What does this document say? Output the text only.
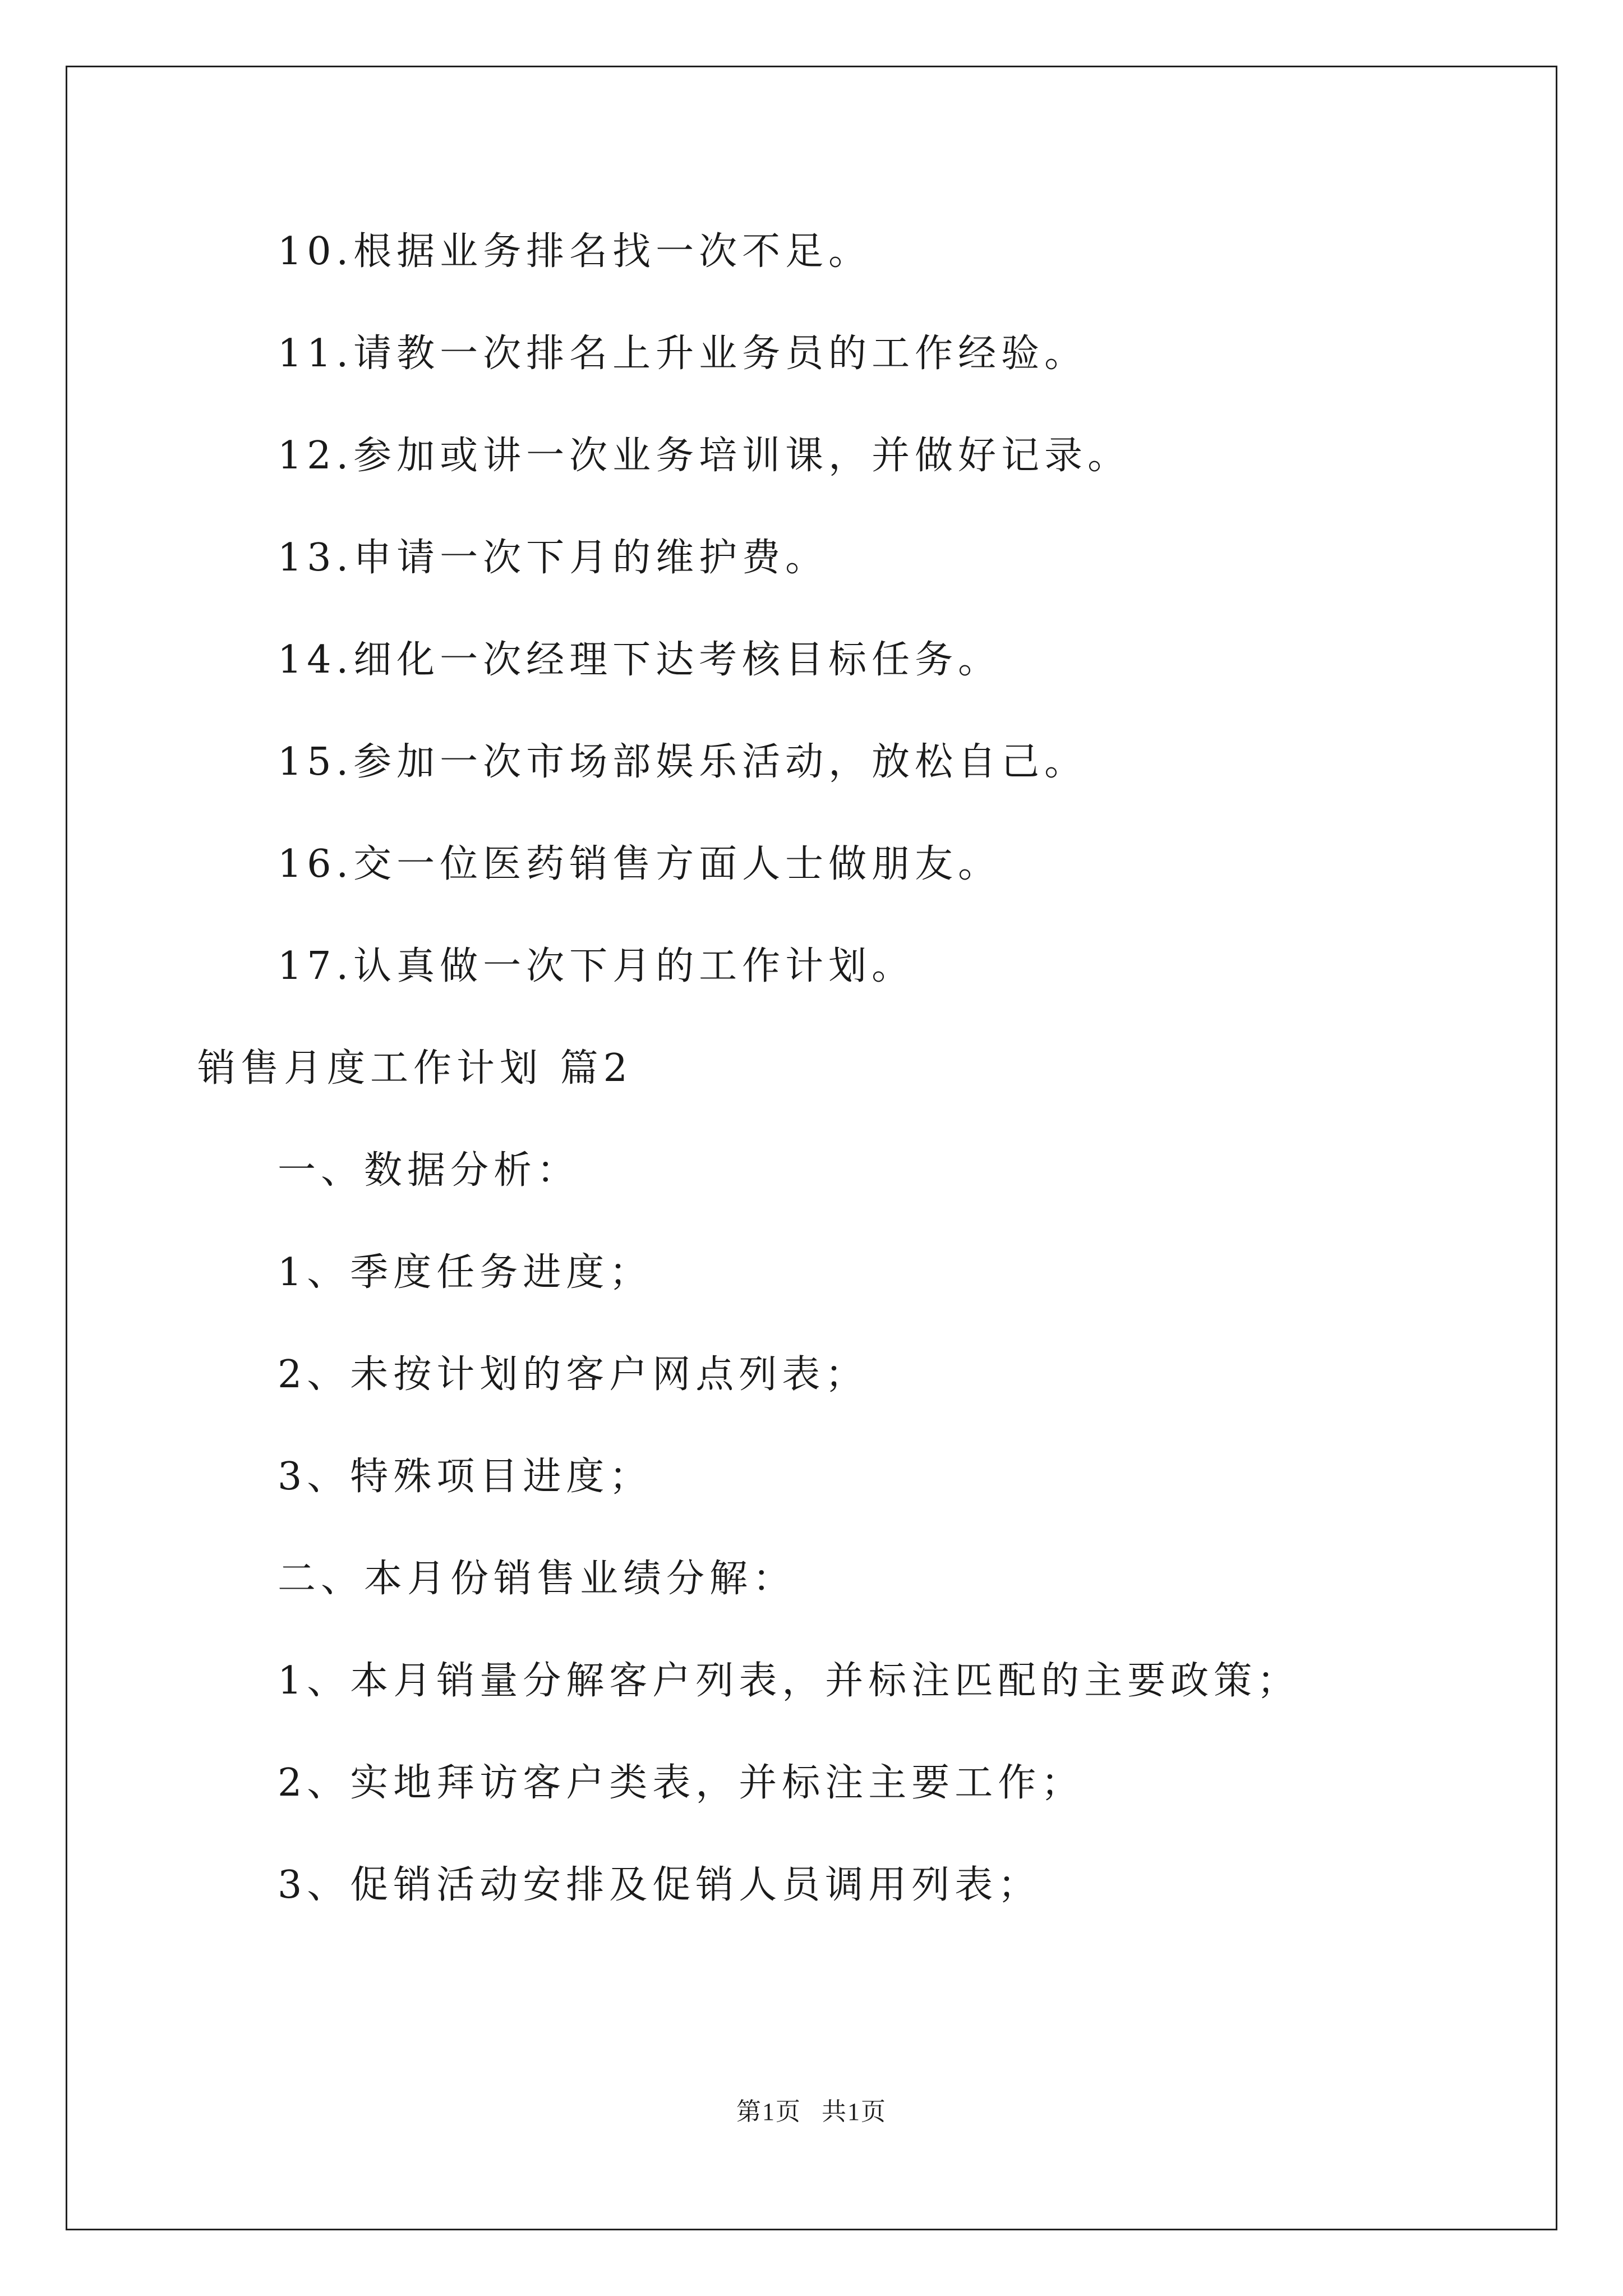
10.根据业务排名找一次不足。
11.请教一次排名上升业务员的工作经验。
12.参加或讲一次业务培训课，并做好记录。
13.申请一次下月的维护费。
14.细化一次经理下达考核目标任务。
15.参加一次市场部娱乐活动，放松自己。
16.交一位医药销售方面人士做朋友。
17.认真做一次下月的工作计划。
销售月度工作计划 篇2
一、数据分析：
1、季度任务进度；
2、未按计划的客户网点列表；
3、特殊项目进度；
二、本月份销售业绩分解：
1、本月销量分解客户列表，并标注匹配的主要政策；
2、实地拜访客户类表，并标注主要工作；
3、促销活动安排及促销人员调用列表；
第1页 共1页
